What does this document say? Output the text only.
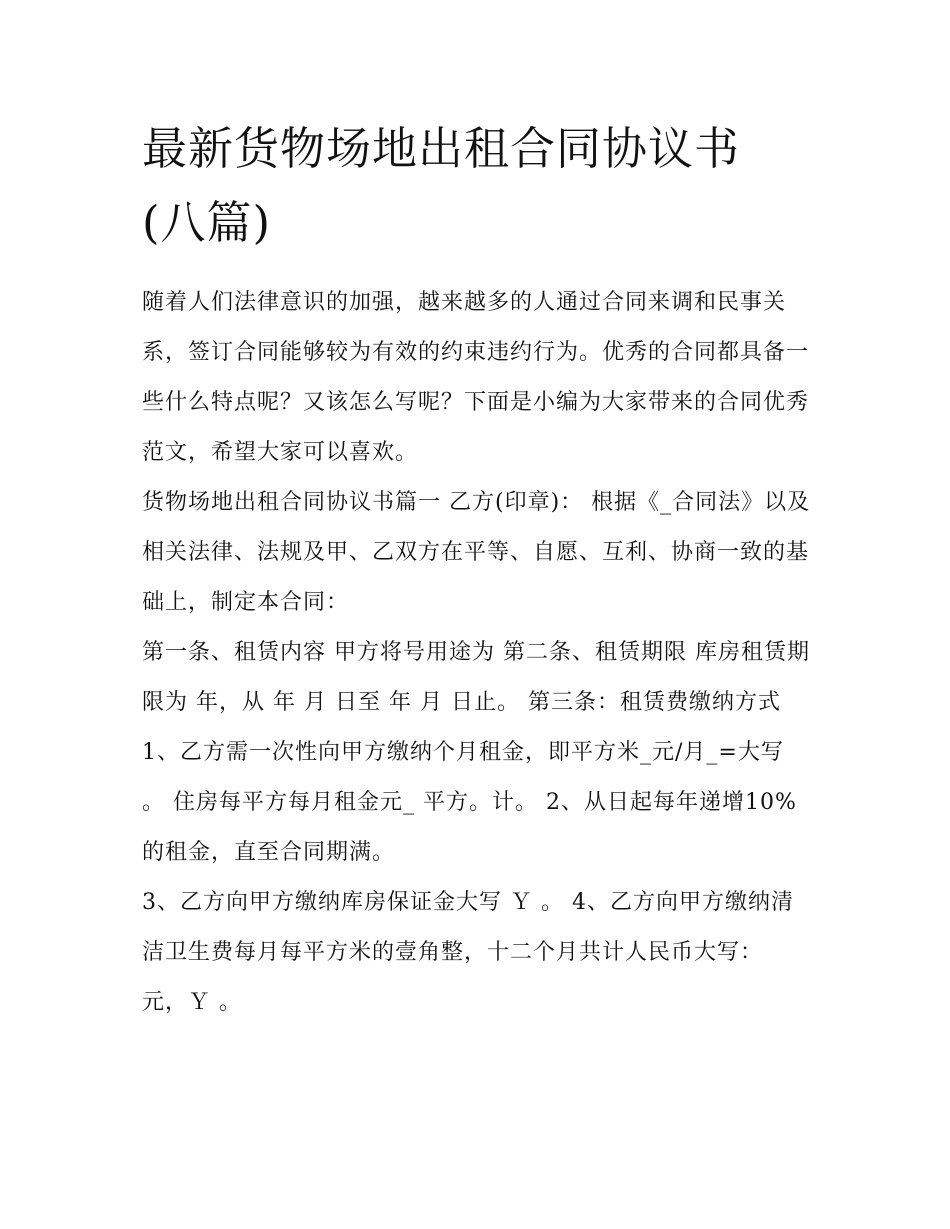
最新货物场地出租合同协议书
(八篇)

随着人们法律意识的加强，越来越多的人通过合同来调和民事关系，签订合同能够较为有效的约束违约行为。优秀的合同都具备一些什么特点呢？又该怎么写呢？下面是小编为大家带来的合同优秀范文，希望大家可以喜欢。

货物场地出租合同协议书篇一 乙方(印章)： 根据《_合同法》以及相关法律、法规及甲、乙双方在平等、自愿、互利、协商一致的基础上，制定本合同：

第一条、租赁内容 甲方将号用途为 第二条、租赁期限 库房租赁期限为 年，从 年 月 日至 年 月 日止。 第三条：租赁费缴纳方式

1、乙方需一次性向甲方缴纳个月租金，即平方米_元/月_=大写 。 住房每平方每月租金元_ 平方。计。 2、从日起每年递增10%的租金，直至合同期满。

3、乙方向甲方缴纳库房保证金大写 Ｙ 。 4、乙方向甲方缴纳清洁卫生费每月每平方米的壹角整，十二个月共计人民币大写： 元，Ｙ 。
